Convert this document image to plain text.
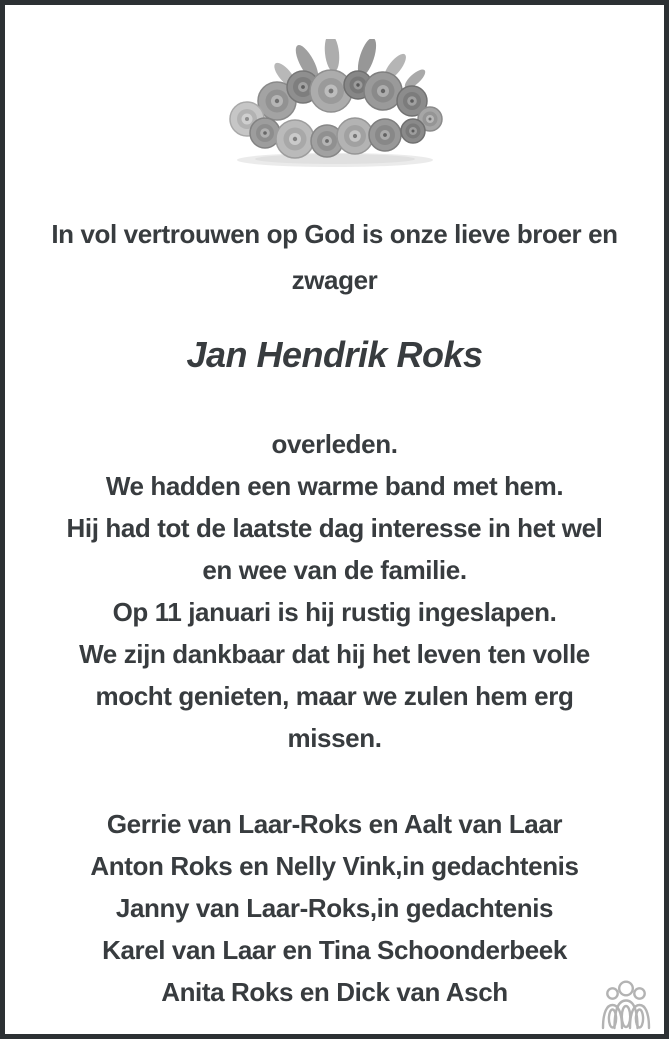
In vol vertrouwen op God is onze lieve broer en
zwager
Jan Hendrik Roks
overleden.
We hadden een warme band met hem.
Hij had tot de laatste dag interesse in het wel
en wee van de familie.
Op 11 januari is hij rustig ingeslapen.
We zijn dankbaar dat hij het leven ten volle
mocht genieten, maar we zulen hem erg
missen.
Gerrie van Laar-Roks en Aalt van Laar
Anton Roks en Nelly Vink,in gedachtenis
Janny van Laar-Roks,in gedachtenis
Karel van Laar en Tina Schoonderbeek
Anita Roks en Dick van Asch
